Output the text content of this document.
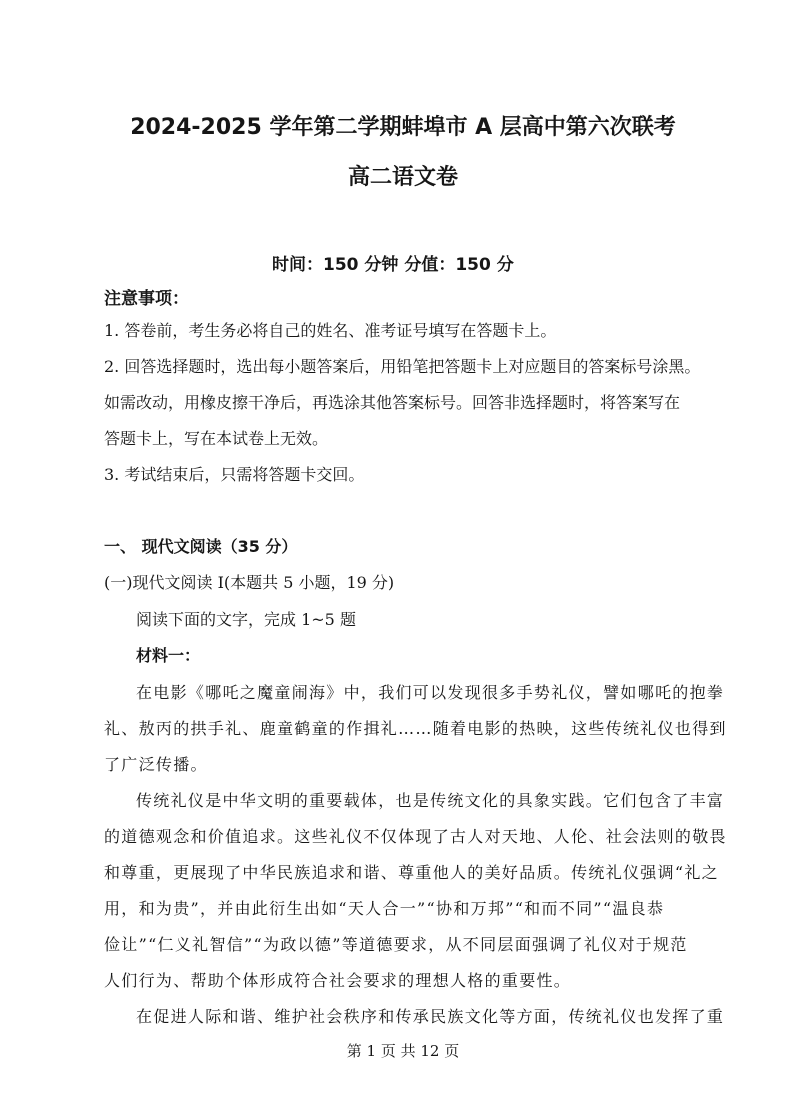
2024-2025 学年第二学期蚌埠市 A 层高中第六次联考
高二语文卷
时间：150 分钟 分值：150 分
注意事项：
1. 答卷前，考生务必将自己的姓名、准考证号填写在答题卡上。
2. 回答选择题时，选出每小题答案后，用铅笔把答题卡上对应题目的答案标号涂黑。
如需改动，用橡皮擦干净后，再选涂其他答案标号。回答非选择题时，将答案写在
答题卡上，写在本试卷上无效。
3. 考试结束后，只需将答题卡交回。
一、 现代文阅读（35 分）
(一)现代文阅读 I(本题共 5 小题，19 分)
阅读下面的文字，完成 1~5 题
材料一：
在电影《哪吒之魔童闹海》中，我们可以发现很多手势礼仪，譬如哪吒的抱拳
礼、敖丙的拱手礼、鹿童鹤童的作揖礼……随着电影的热映，这些传统礼仪也得到
了广泛传播。
传统礼仪是中华文明的重要载体，也是传统文化的具象实践。它们包含了丰富
的道德观念和价值追求。这些礼仪不仅体现了古人对天地、人伦、社会法则的敬畏
和尊重，更展现了中华民族追求和谐、尊重他人的美好品质。传统礼仪强调“礼之
用，和为贵”，并由此衍生出如“天人合一”“协和万邦”“和而不同”“温良恭
俭让”“仁义礼智信”“为政以德”等道德要求，从不同层面强调了礼仪对于规范
人们行为、帮助个体形成符合社会要求的理想人格的重要性。
在促进人际和谐、维护社会秩序和传承民族文化等方面，传统礼仪也发挥了重
第 1 页 共 12 页
